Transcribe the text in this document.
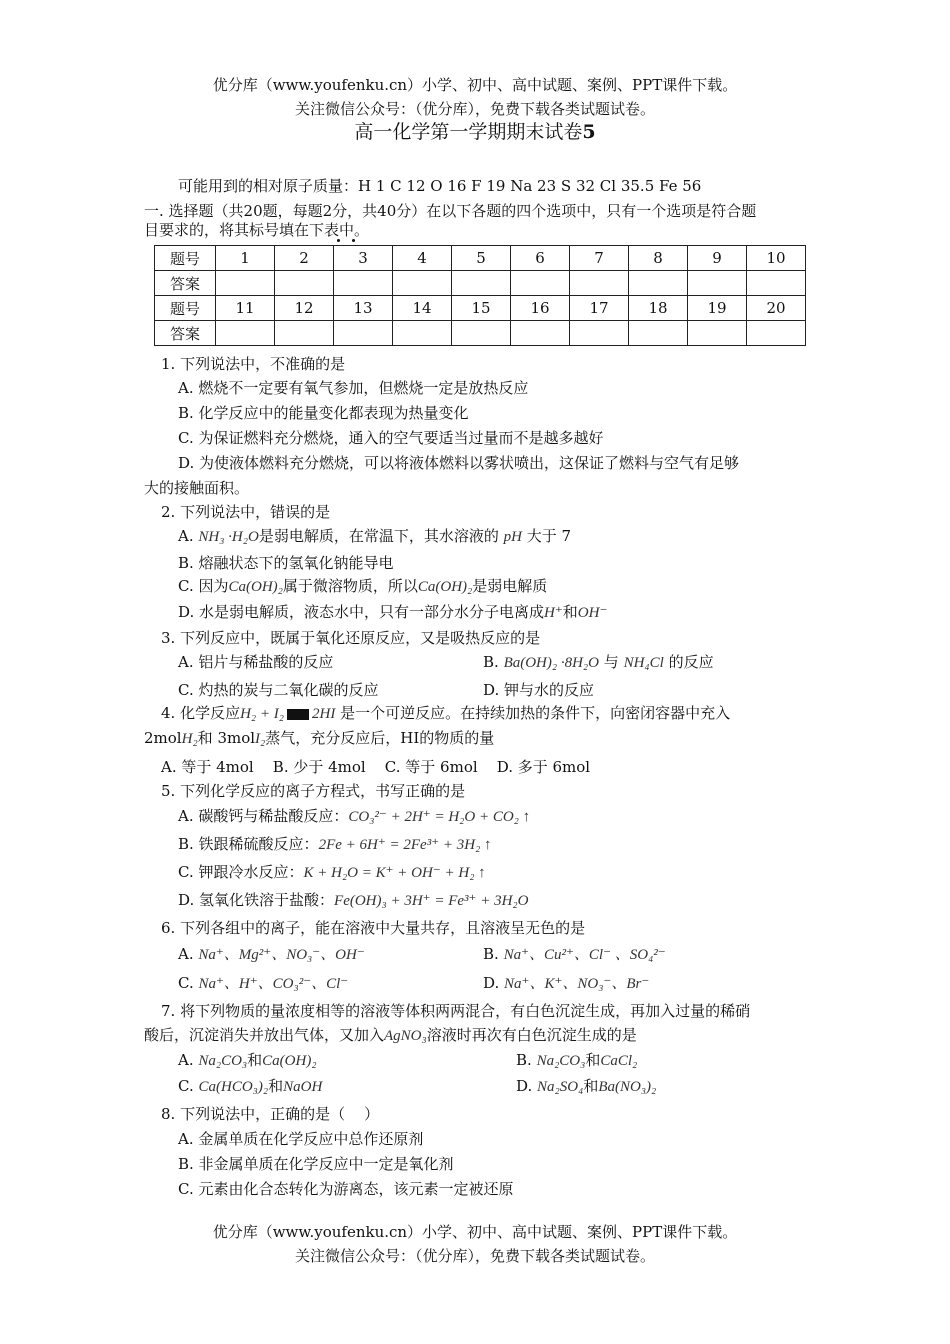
优分库（www.youfenku.cn）小学、初中、高中试题、案例、PPT课件下载。
关注微信公众号：（优分库），免费下载各类试题试卷。
高一化学第一学期期末试卷5
可能用到的相对原子质量：H 1 C 12 O 16 F 19 Na 23 S 32 Cl 35.5 Fe 56
一. 选择题（共20题，每题2分，共40分）在以下各题的四个选项中，只有一个选项是符合题
目要求的，将其标号填在下表中。
题号	1	2	3	4	5	6	7	8	9	10
答案										
题号	11	12	13	14	15	16	17	18	19	20
答案										
1. 下列说法中，不准确的是
A. 燃烧不一定要有氧气参加，但燃烧一定是放热反应
B. 化学反应中的能量变化都表现为热量变化
C. 为保证燃料充分燃烧，通入的空气要适当过量而不是越多越好
D. 为使液体燃料充分燃烧，可以将液体燃料以雾状喷出，这保证了燃料与空气有足够
大的接触面积。
2. 下列说法中，错误的是
A. NH₃ ·H₂O是弱电解质，在常温下，其水溶液的 pH 大于 7
B. 熔融状态下的氢氧化钠能导电
C. 因为Ca(OH)₂属于微溶物质，所以Ca(OH)₂是弱电解质
D. 水是弱电解质，液态水中，只有一部分水分子电离成H⁺和OH⁻
3. 下列反应中，既属于氧化还原反应，又是吸热反应的是
A. 铝片与稀盐酸的反应	B. Ba(OH)₂ ·8H₂O 与 NH₄Cl 的反应
C. 灼热的炭与二氧化碳的反应	D. 钾与水的反应
4. 化学反应H₂ + I₂ 2HI 是一个可逆反应。在持续加热的条件下，向密闭容器中充入
2molH₂和 3molI₂蒸气，充分反应后，HI的物质的量
A. 等于 4mol    B. 少于 4mol    C. 等于 6mol    D. 多于 6mol
5. 下列化学反应的离子方程式，书写正确的是
A. 碳酸钙与稀盐酸反应：CO₃²⁻ + 2H⁺ = H₂O + CO₂ ↑
B. 铁跟稀硫酸反应：2Fe + 6H⁺ = 2Fe³⁺ + 3H₂ ↑
C. 钾跟冷水反应：K + H₂O = K⁺ + OH⁻ + H₂ ↑
D. 氢氧化铁溶于盐酸：Fe(OH)₃ + 3H⁺ = Fe³⁺ + 3H₂O
6. 下列各组中的离子，能在溶液中大量共存，且溶液呈无色的是
A. Na⁺、Mg²⁺、NO₃⁻、OH⁻	B. Na⁺、Cu²⁺、Cl⁻ 、SO₄²⁻
C. Na⁺、H⁺、CO₃²⁻、Cl⁻	D. Na⁺、K⁺、NO₃⁻、Br⁻
7. 将下列物质的量浓度相等的溶液等体积两两混合，有白色沉淀生成，再加入过量的稀硝
酸后，沉淀消失并放出气体，又加入AgNO₃溶液时再次有白色沉淀生成的是
A. Na₂CO₃和Ca(OH)₂	B. Na₂CO₃和CaCl₂
C. Ca(HCO₃)₂和NaOH	D. Na₂SO₄和Ba(NO₃)₂
8. 下列说法中，正确的是（    ）
A. 金属单质在化学反应中总作还原剂
B. 非金属单质在化学反应中一定是氧化剂
C. 元素由化合态转化为游离态，该元素一定被还原
优分库（www.youfenku.cn）小学、初中、高中试题、案例、PPT课件下载。
关注微信公众号：（优分库），免费下载各类试题试卷。
